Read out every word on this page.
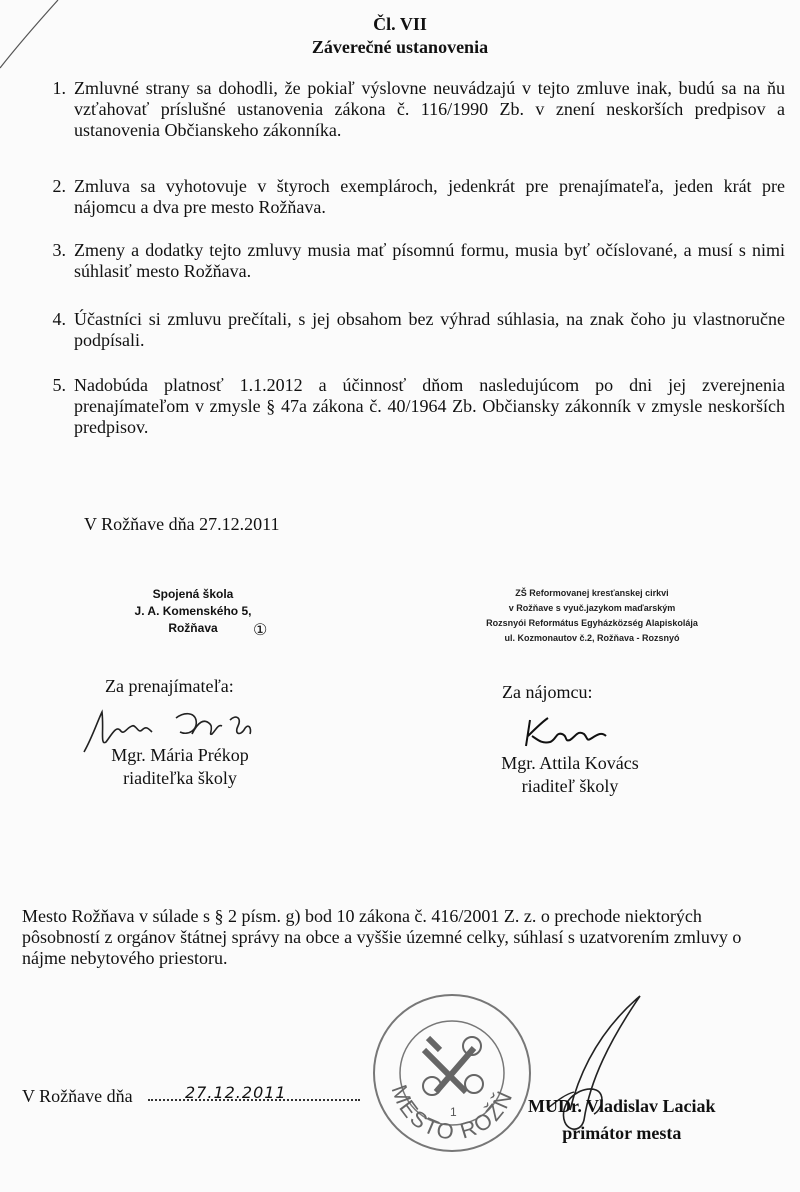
Čl. VII
Záverečné ustanovenia
1. Zmluvné strany sa dohodli, že pokiaľ výslovne neuvádzajú v tejto zmluve inak, budú sa na ňu vzťahovať príslušné ustanovenia zákona č. 116/1990 Zb. v znení neskorších predpisov a ustanovenia Občianskeho zákonníka.
2. Zmluva sa vyhotovuje v štyroch exemplároch, jedenkrát pre prenajímateľa, jeden krát pre nájomcu a dva pre mesto Rožňava.
3. Zmeny a dodatky tejto zmluvy musia mať písomnú formu, musia byť očíslované, a musí s nimi súhlasiť mesto Rožňava.
4. Účastníci si zmluvu prečítali, s jej obsahom bez výhrad súhlasia, na znak čoho ju vlastnoručne podpísali.
5. Nadobúda platnosť 1.1.2012 a účinnosť dňom nasledujúcom po dni jej zverejnenia prenajímateľom v zmysle § 47a zákona č. 40/1964 Zb. Občiansky zákonník v zmysle neskorších predpisov.
V Rožňave dňa 27.12.2011
Spojená škola
J. A. Komenského 5,
Rožňava	①
ZŠ Reformovanej kresťanskej cirkvi
v Rožňave s vyuč.jazykom maďarským
Rozsnyói Református Egyházközség Alapiskolája
ul. Kozmonautov č.2, Rožňava - Rozsnyó
Za prenajímateľa:	Za nájomcu:
Mgr. Mária Prékop
riaditeľka školy
Mgr. Attila Kovács
riaditeľ školy
Mesto Rožňava v súlade s § 2 písm. g) bod 10 zákona č. 416/2001 Z. z. o prechode niektorých pôsobností z orgánov štátnej správy na obce a vyššie územné celky, súhlasí s uzatvorením zmluvy o nájme nebytového priestoru.
1
MESTO ROŽŇAVA
V Rožňave dňa	27.12.2011
MUDr. Vladislav Laciak
primátor mesta
